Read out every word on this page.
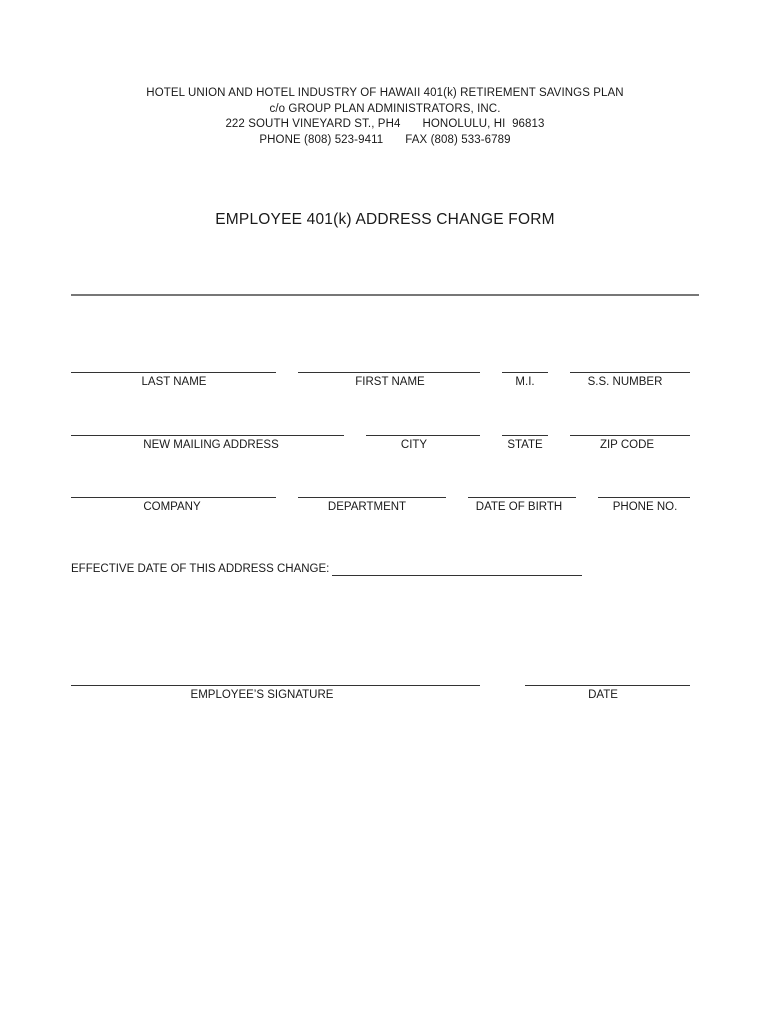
HOTEL UNION AND HOTEL INDUSTRY OF HAWAII 401(k) RETIREMENT SAVINGS PLAN
c/o GROUP PLAN ADMINISTRATORS, INC.
222 SOUTH VINEYARD ST., PH4 HONOLULU, HI  96813
PHONE (808) 523-9411 FAX (808) 533-6789
EMPLOYEE 401(k) ADDRESS CHANGE FORM
LAST NAME	FIRST NAME	M.I.	S.S. NUMBER
NEW MAILING ADDRESS	CITY	STATE	ZIP CODE
COMPANY	DEPARTMENT	DATE OF BIRTH	PHONE NO.
EFFECTIVE DATE OF THIS ADDRESS CHANGE:
EMPLOYEE’S SIGNATURE	DATE
